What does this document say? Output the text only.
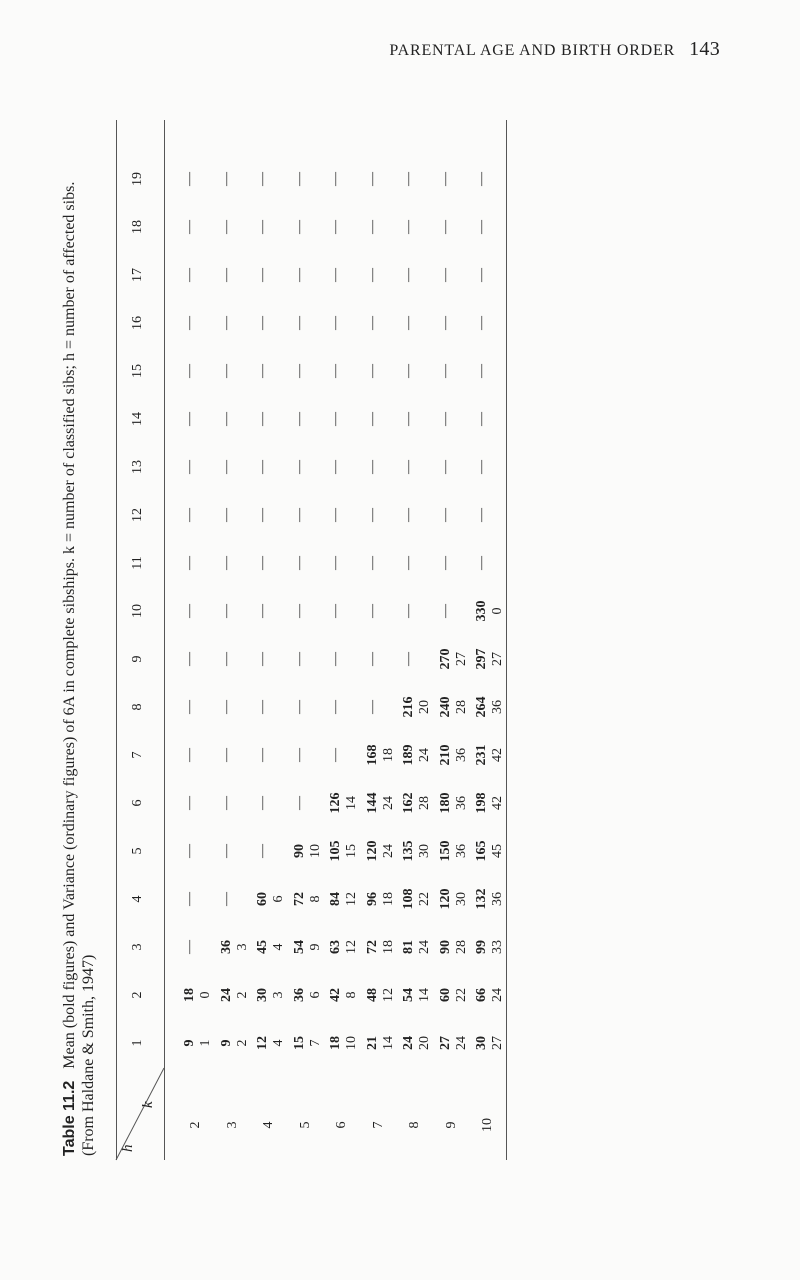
PARENTAL AGE AND BIRTH ORDER 143
Table 11.2 Mean (bold figures) and Variance (ordinary figures) of 6A in complete sibships. k = number of classified sibs; h = number of affected sibs. (From Haldane & Smith, 1947) h
k
1
2
3
4
5
6
7
8
9
10
11
12
13
14
15
16
17
18
19
2
9 1
18 0
—
—
—
—
—
—
—
—
—
—
—
—
—
—
—
—
—
3
9 2
24 2
36 3
—
—
—
—
—
—
—
—
—
—
—
—
—
—
—
—
4
12 4
30 3
45 4
60 6
—
—
—
—
—
—
—
—
—
—
—
—
—
—
—
5
15 7
36 6
54 9
72 8
90 10
—
—
—
—
—
—
—
—
—
—
—
—
—
—
6
18 10
42 8
63 12
84 12
105 15
126 14
—
—
—
—
—
—
—
—
—
—
—
—
—
7
21 14
48 12
72 18
96 18
120 24
144 24
168 18
—
—
—
—
—
—
—
—
—
—
—
—
8
24 20
54 14
81 24
108 22
135 30
162 28
189 24
216 20
—
—
—
—
—
—
—
—
—
—
—
9
27 24
60 22
90 28
120 30
150 36
180 36
210 36
240 28
270 27
—
—
—
—
—
—
—
—
—
—
10
30 27
66 24
99 33
132 36
165 45
198 42
231 42
264 36
297 27
330 0
—
—
—
—
—
—
—
—
—
